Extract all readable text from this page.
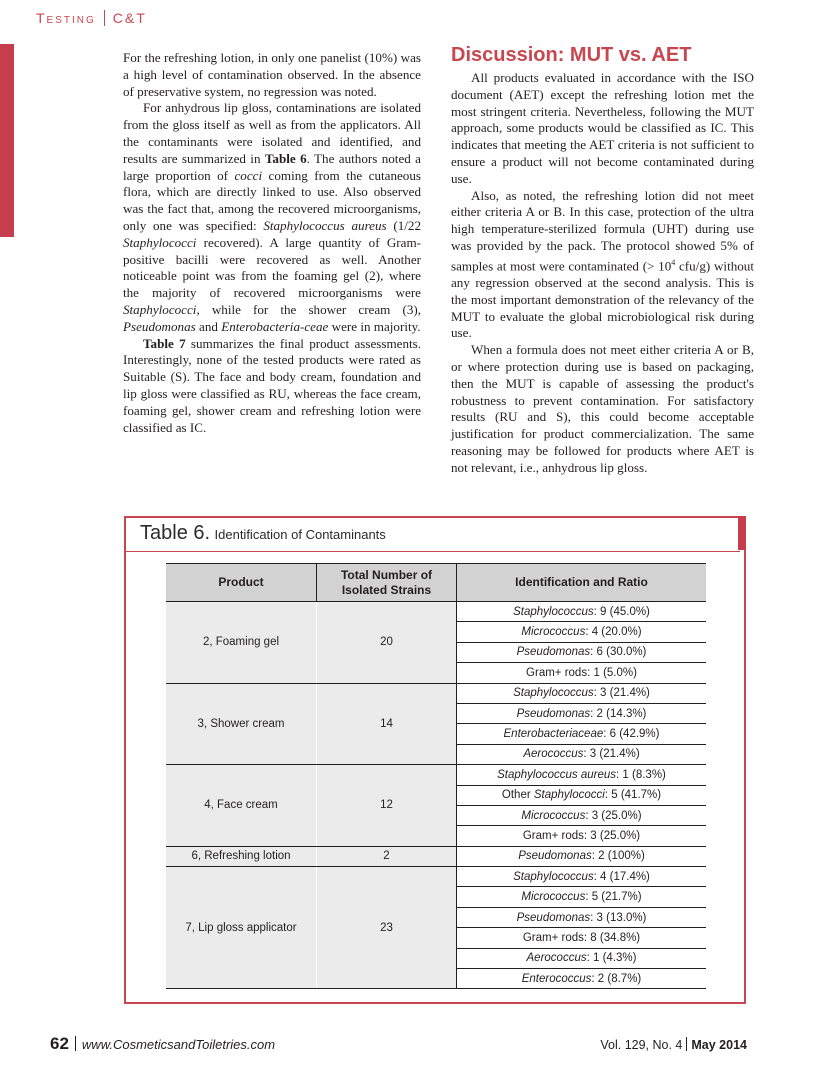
Testing C&T

For the refreshing lotion, in only one panelist (10%) was a high level of contamination observed. In the absence of preservative system, no regression was noted.

For anhydrous lip gloss, contaminations are isolated from the gloss itself as well as from the applicators. All the contaminants were isolated and identified, and results are summarized in Table 6. The authors noted a large proportion of cocci coming from the cutaneous flora, which are directly linked to use. Also observed was the fact that, among the recovered microorganisms, only one was specified: Staphylococcus aureus (1/22 Staphylococci recovered). A large quantity of Gram-positive bacilli were recovered as well. Another noticeable point was from the foaming gel (2), where the majority of recovered microorganisms were Staphylococci, while for the shower cream (3), Pseudomonas and Enterobacteria-ceae were in majority.

Table 7 summarizes the final product assessments. Interestingly, none of the tested products were rated as Suitable (S). The face and body cream, foundation and lip gloss were classified as RU, whereas the face cream, foaming gel, shower cream and refreshing lotion were classified as IC.

Discussion: MUT vs. AET

All products evaluated in accordance with the ISO document (AET) except the refreshing lotion met the most stringent criteria. Nevertheless, following the MUT approach, some products would be classified as IC. This indicates that meeting the AET criteria is not sufficient to ensure a product will not become contaminated during use.

Also, as noted, the refreshing lotion did not meet either criteria A or B. In this case, protection of the ultra high temperature-sterilized formula (UHT) during use was provided by the pack. The protocol showed 5% of samples at most were contaminated (> $10^4$ cfu/g) without any regression observed at the second analysis. This is the most important demonstration of the relevancy of the MUT to evaluate the global microbiological risk during use.

When a formula does not meet either criteria A or B, or where protection during use is based on packaging, then the MUT is capable of assessing the product's robustness to prevent contamination. For satisfactory results (RU and S), this could become acceptable justification for product commercialization. The same reasoning may be followed for products where AET is not relevant, i.e., anhydrous lip gloss.

Table 6. Identification of Contaminants
Product	Total Number of Isolated Strains	Identification and Ratio
2, Foaming gel	20	Staphylococcus: 9 (45.0%)
		Micrococcus: 4 (20.0%)
		Pseudomonas: 6 (30.0%)
		Gram+ rods: 1 (5.0%)
3, Shower cream	14	Staphylococcus: 3 (21.4%)
		Pseudomonas: 2 (14.3%)
		Enterobacteriaceae: 6 (42.9%)
		Aerococcus: 3 (21.4%)
4, Face cream	12	Staphylococcus aureus: 1 (8.3%)
		Other Staphylococci: 5 (41.7%)
		Micrococcus: 3 (25.0%)
		Gram+ rods: 3 (25.0%)
6, Refreshing lotion	2	Pseudomonas: 2 (100%)
7, Lip gloss applicator	23	Staphylococcus: 4 (17.4%)
		Micrococcus: 5 (21.7%)
		Pseudomonas: 3 (13.0%)
		Gram+ rods: 8 (34.8%)
		Aerococcus: 1 (4.3%)
		Enterococcus: 2 (8.7%)
62 www.CosmeticsandToiletries.com	Vol. 129, No. 4 May 2014
